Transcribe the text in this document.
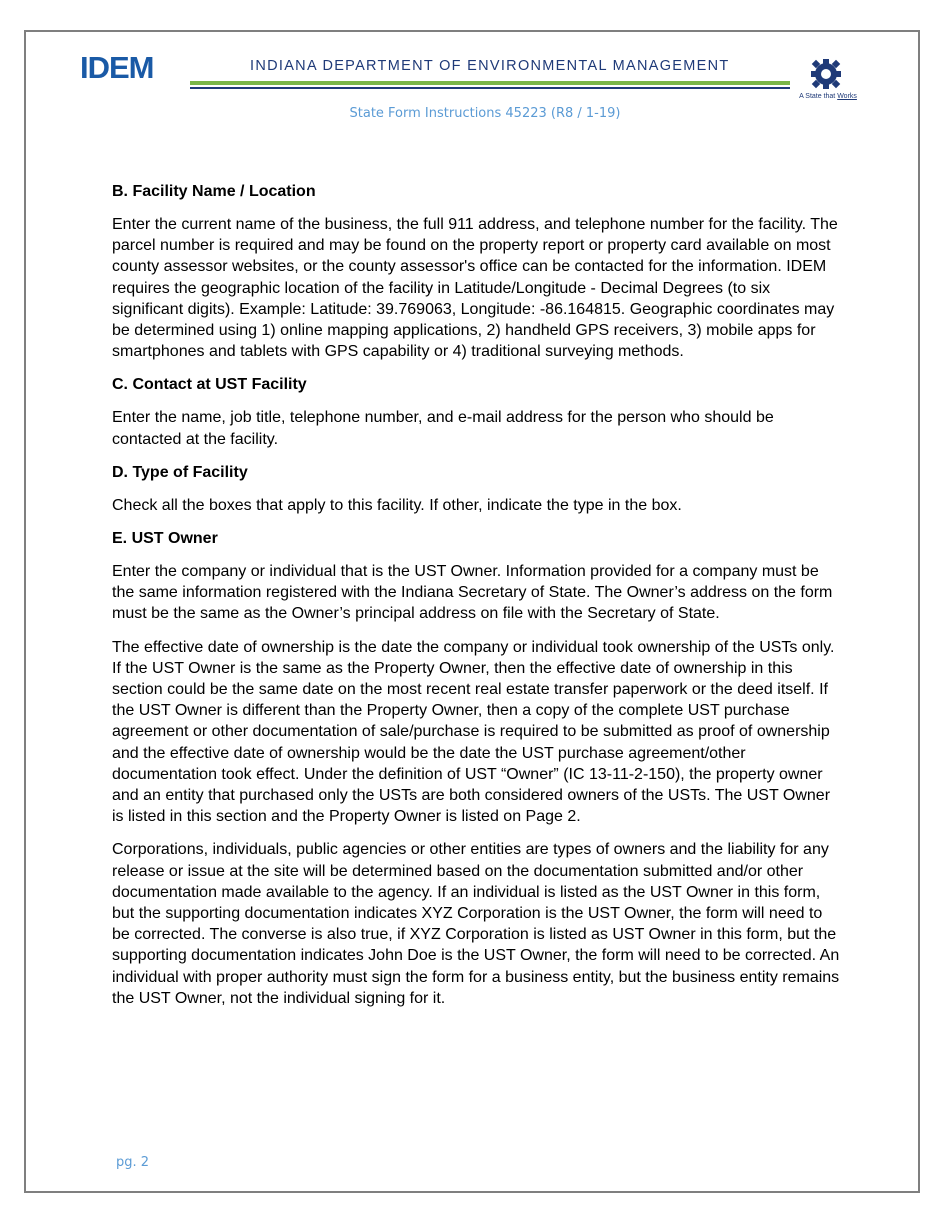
IDEM	INDIANA DEPARTMENT OF ENVIRONMENTAL MANAGEMENT
A State that Works
State Form Instructions 45223 (R8 / 1-19)
B. Facility Name / Location

Enter the current name of the business, the full 911 address, and telephone number for the facility. The parcel number is required and may be found on the property report or property card available on most county assessor websites, or the county assessor's office can be contacted for the information. IDEM requires the geographic location of the facility in Latitude/Longitude - Decimal Degrees (to six significant digits). Example: Latitude: 39.769063, Longitude: -86.164815. Geographic coordinates may be determined using 1) online mapping applications, 2) handheld GPS receivers, 3) mobile apps for smartphones and tablets with GPS capability or 4) traditional surveying methods.

C. Contact at UST Facility

Enter the name, job title, telephone number, and e-mail address for the person who should be contacted at the facility.

D. Type of Facility

Check all the boxes that apply to this facility. If other, indicate the type in the box.

E. UST Owner

Enter the company or individual that is the UST Owner. Information provided for a company must be the same information registered with the Indiana Secretary of State. The Owner’s address on the form must be the same as the Owner’s principal address on file with the Secretary of State.

The effective date of ownership is the date the company or individual took ownership of the USTs only. If the UST Owner is the same as the Property Owner, then the effective date of ownership in this section could be the same date on the most recent real estate transfer paperwork or the deed itself. If the UST Owner is different than the Property Owner, then a copy of the complete UST purchase agreement or other documentation of sale/purchase is required to be submitted as proof of ownership and the effective date of ownership would be the date the UST purchase agreement/other documentation took effect. Under the definition of UST “Owner” (IC 13-11-2-150), the property owner and an entity that purchased only the USTs are both considered owners of the USTs. The UST Owner is listed in this section and the Property Owner is listed on Page 2.

Corporations, individuals, public agencies or other entities are types of owners and the liability for any release or issue at the site will be determined based on the documentation submitted and/or other documentation made available to the agency. If an individual is listed as the UST Owner in this form, but the supporting documentation indicates XYZ Corporation is the UST Owner, the form will need to be corrected. The converse is also true, if XYZ Corporation is listed as UST Owner in this form, but the supporting documentation indicates John Doe is the UST Owner, the form will need to be corrected. An individual with proper authority must sign the form for a business entity, but the business entity remains the UST Owner, not the individual signing for it.

pg. 2
